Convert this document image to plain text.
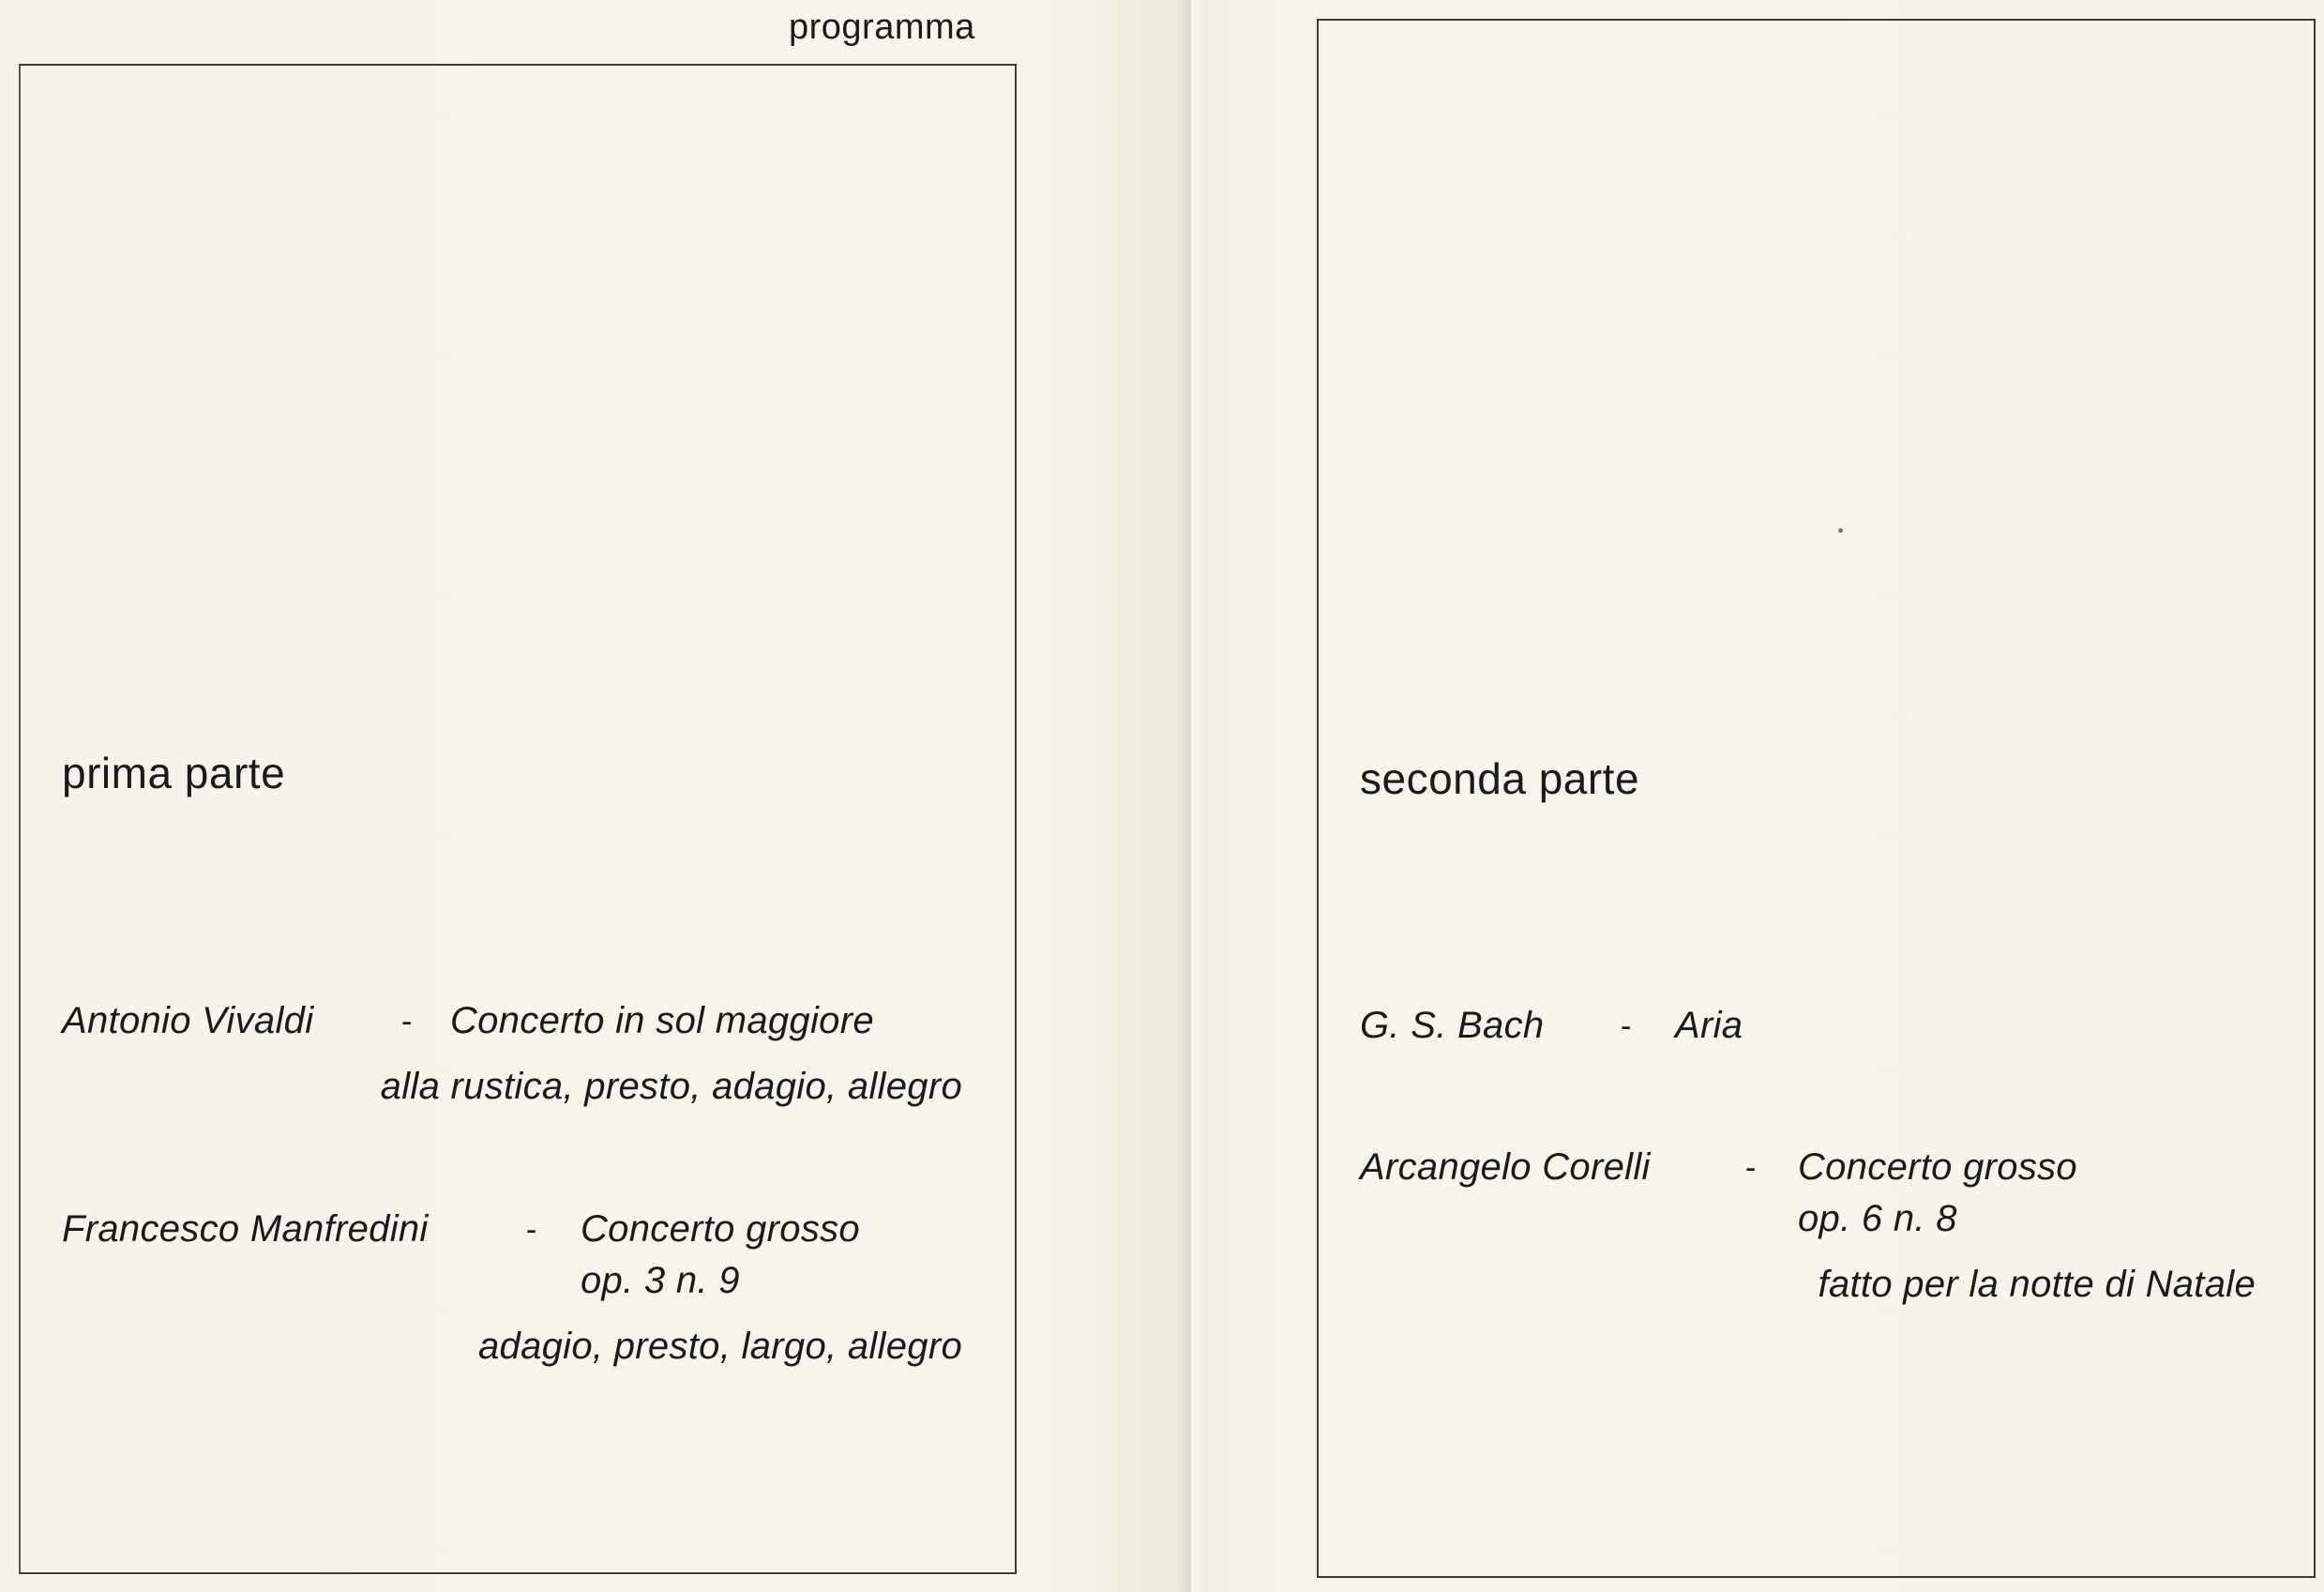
programma
prima parte
Antonio Vivaldi	- Concerto in sol maggiore
alla rustica, presto, adagio, allegro
Francesco Manfredini	- Concerto grosso
op. 3 n. 9
adagio, presto, largo, allegro
seconda parte
G. S. Bach - Aria
Arcangelo Corelli	- Concerto grosso
op. 6 n. 8
fatto per la notte di Natale
